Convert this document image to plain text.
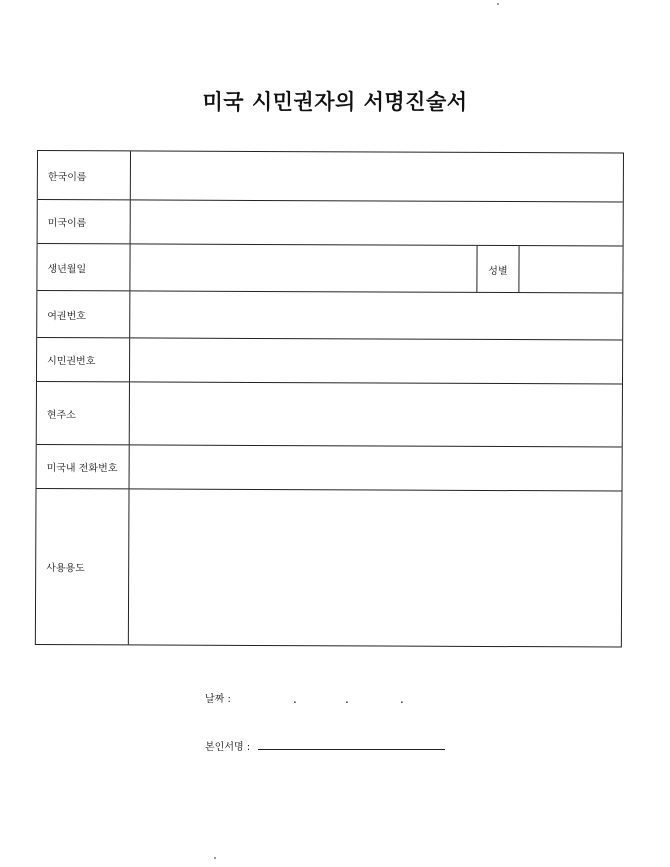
미국 시민권자의 서명진술서
한국이름
미국이름
생년월일	성별
여권번호
시민권번호
현주소
미국내 전화번호
사용용도
날짜 :	.	.	.
본인서명 :
